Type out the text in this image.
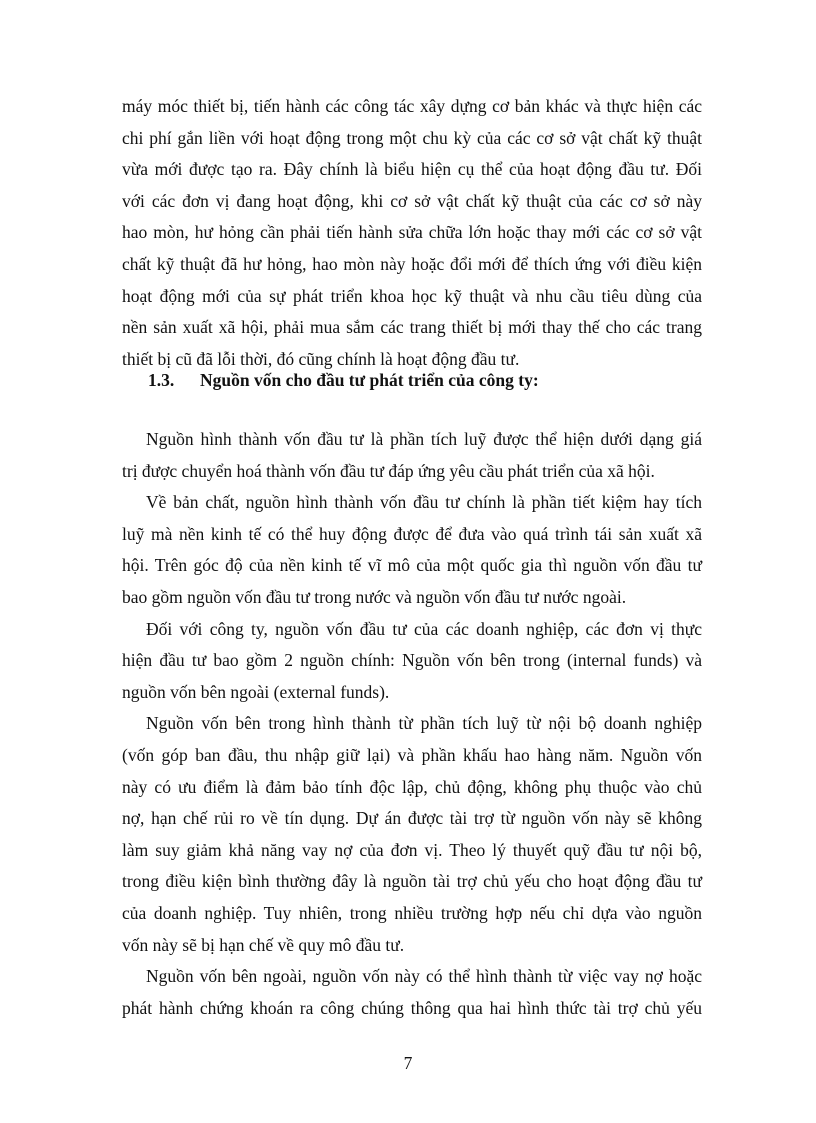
máy móc thiết bị, tiến hành các công tác xây dựng cơ bản khác và thực hiện các
chi phí gắn liền với hoạt động trong một chu kỳ của các cơ sở vật chất kỹ thuật
vừa mới được tạo ra. Đây chính là biểu hiện cụ thể của hoạt động đầu tư. Đối
với các đơn vị đang hoạt động, khi cơ sở vật chất kỹ thuật của các cơ sở này
hao mòn, hư hỏng cần phải tiến hành sửa chữa lớn hoặc thay mới các cơ sở vật
chất kỹ thuật đã hư hỏng, hao mòn này hoặc đổi mới để thích ứng với điều kiện
hoạt động mới của sự phát triển khoa học kỹ thuật và nhu cầu tiêu dùng của
nền sản xuất xã hội, phải mua sắm các trang thiết bị mới thay thế cho các trang
thiết bị cũ đã lỗi thời, đó cũng chính là hoạt động đầu tư.
1.3. Nguồn vốn cho đầu tư phát triển của công ty:
Nguồn hình thành vốn đầu tư là phần tích luỹ được thể hiện dưới dạng giá
trị được chuyển hoá thành vốn đầu tư đáp ứng yêu cầu phát triển của xã hội.
Về bản chất, nguồn hình thành vốn đầu tư chính là phần tiết kiệm hay tích
luỹ mà nền kinh tế có thể huy động được để đưa vào quá trình tái sản xuất xã
hội. Trên góc độ của nền kinh tế vĩ mô của một quốc gia thì nguồn vốn đầu tư
bao gồm nguồn vốn đầu tư trong nước và nguồn vốn đầu tư nước ngoài.
Đối với công ty, nguồn vốn đầu tư của các doanh nghiệp, các đơn vị thực
hiện đầu tư bao gồm 2 nguồn chính: Nguồn vốn bên trong (internal funds) và
nguồn vốn bên ngoài (external funds).
Nguồn vốn bên trong hình thành từ phần tích luỹ từ nội bộ doanh nghiệp
(vốn góp ban đầu, thu nhập giữ lại) và phần khấu hao hàng năm. Nguồn vốn
này có ưu điểm là đảm bảo tính độc lập, chủ động, không phụ thuộc vào chủ
nợ, hạn chế rủi ro về tín dụng. Dự án được tài trợ từ nguồn vốn này sẽ không
làm suy giảm khả năng vay nợ của đơn vị. Theo lý thuyết quỹ đầu tư nội bộ,
trong điều kiện bình thường đây là nguồn tài trợ chủ yếu cho hoạt động đầu tư
của doanh nghiệp. Tuy nhiên, trong nhiều trường hợp nếu chỉ dựa vào nguồn
vốn này sẽ bị hạn chế về quy mô đầu tư.
Nguồn vốn bên ngoài, nguồn vốn này có thể hình thành từ việc vay nợ hoặc
phát hành chứng khoán ra công chúng thông qua hai hình thức tài trợ chủ yếu
7
